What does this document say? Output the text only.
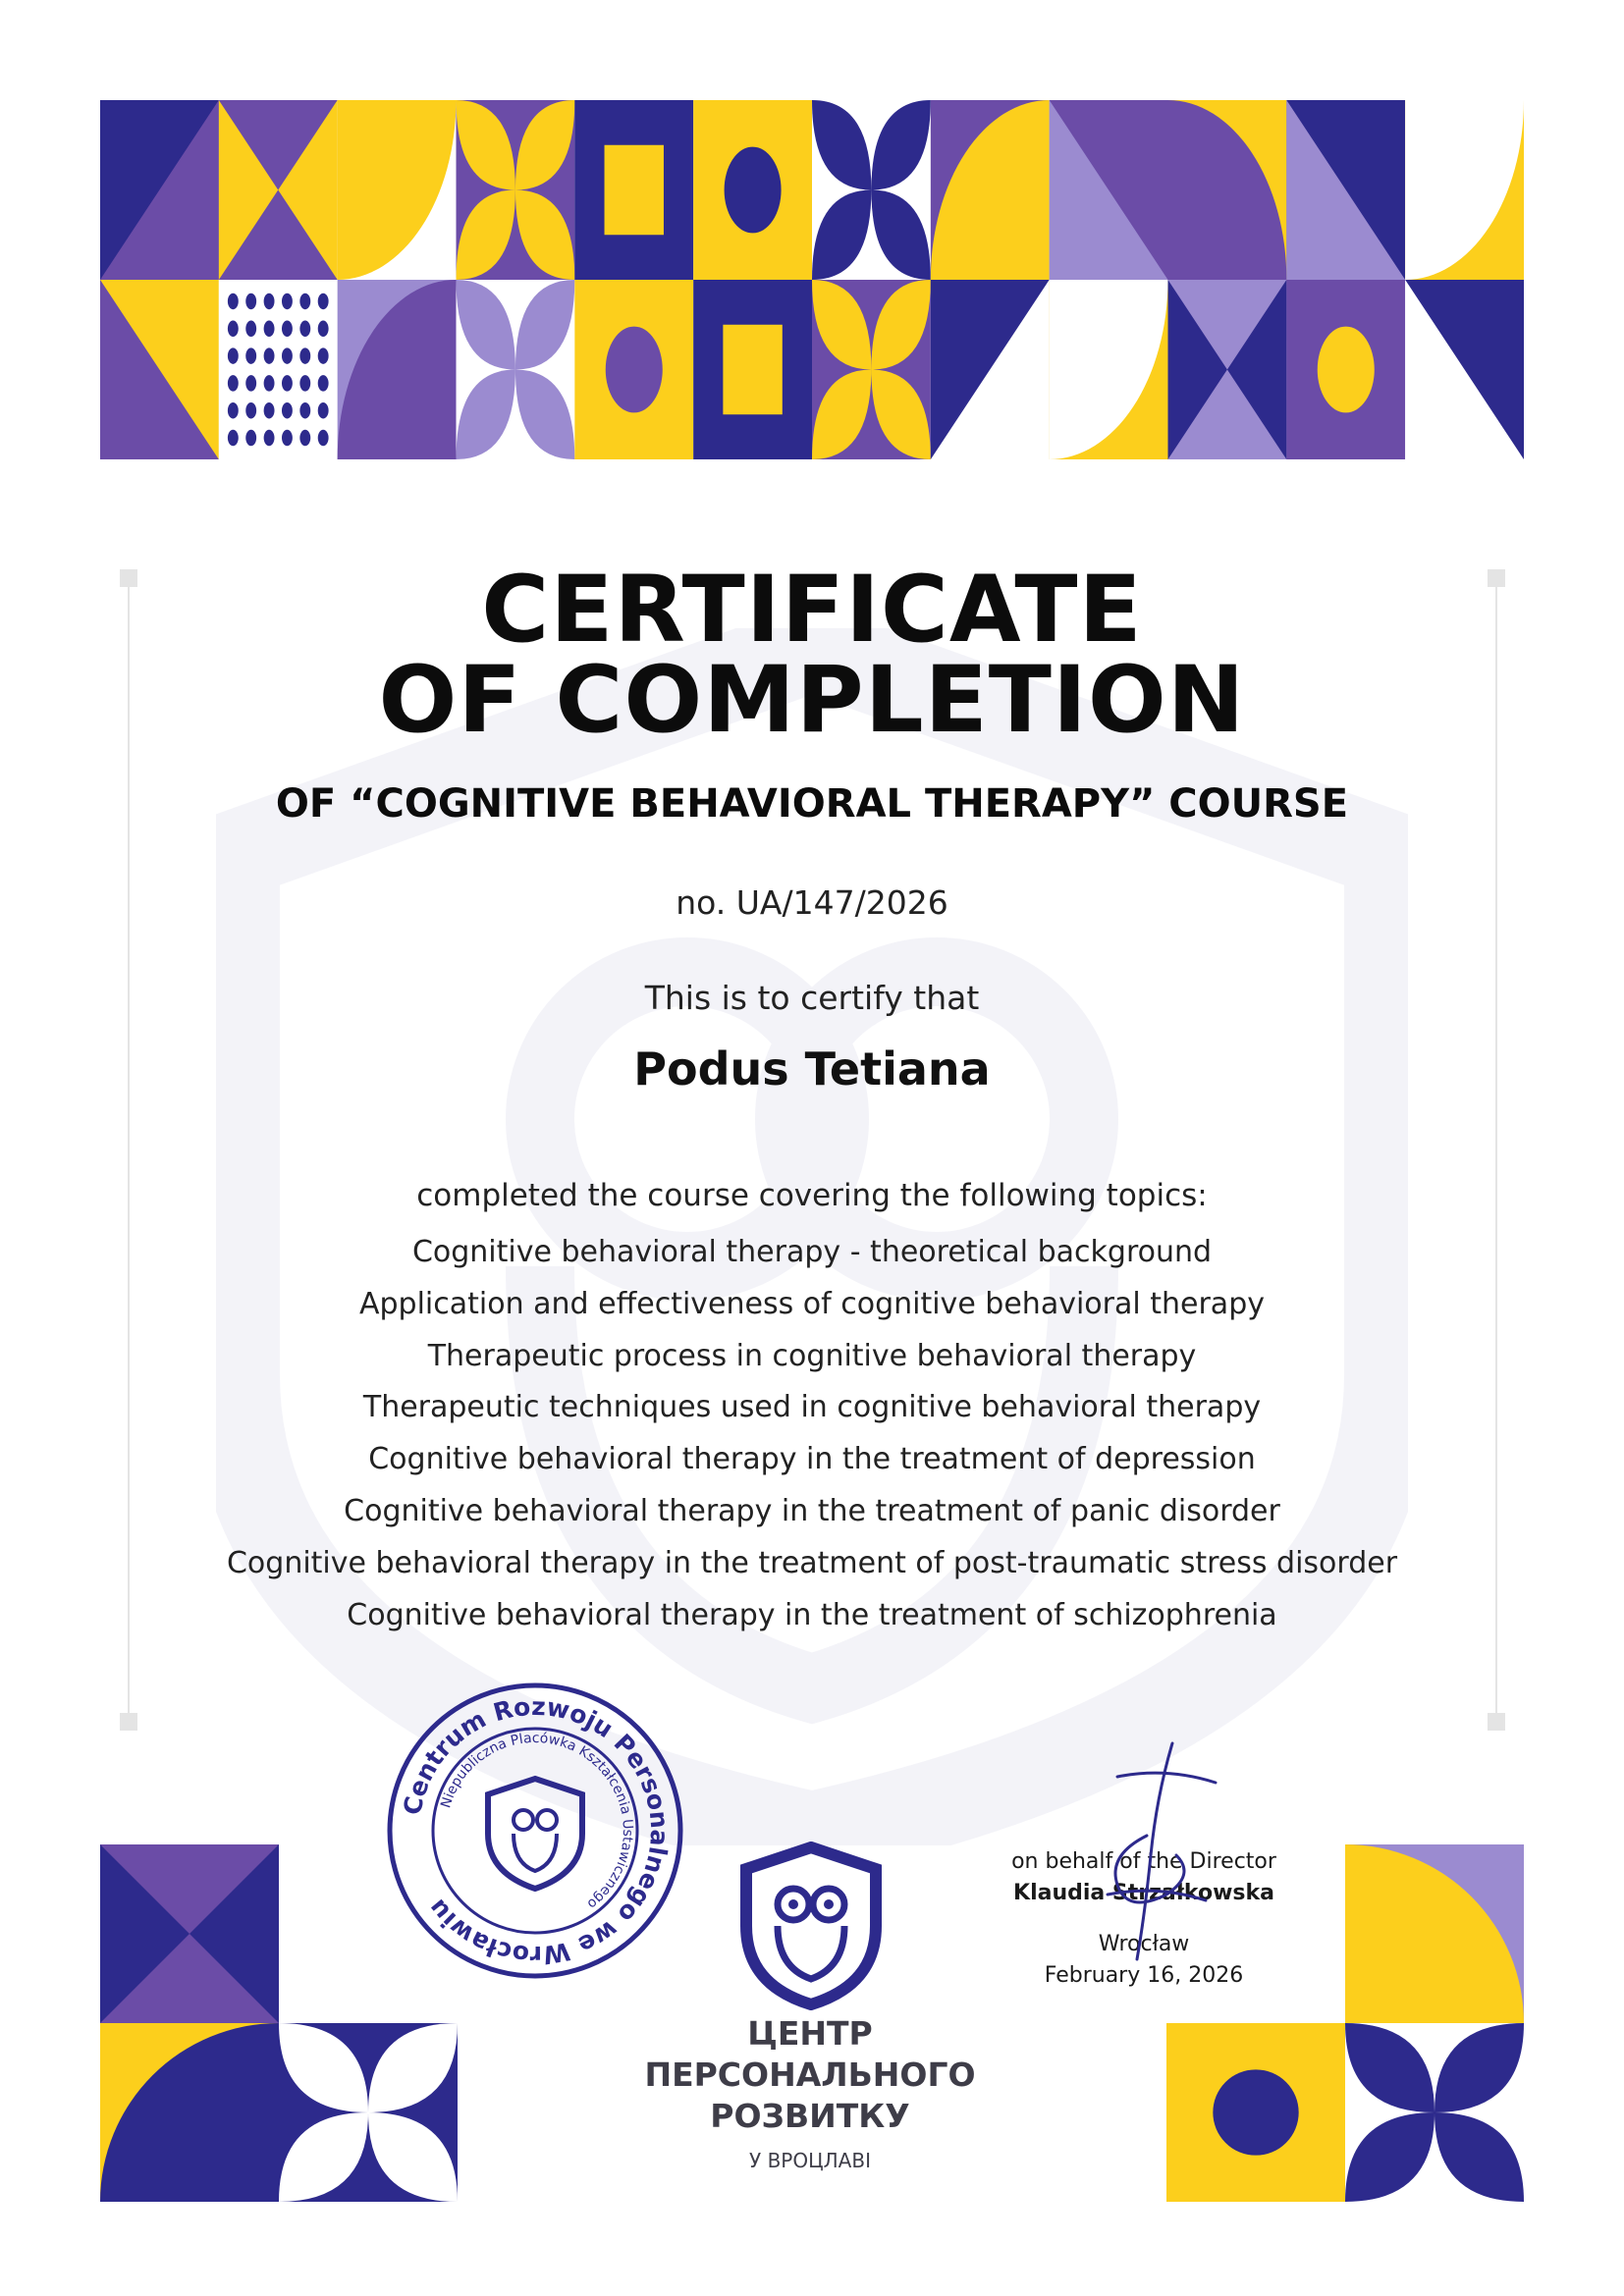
CERTIFICATE
OF COMPLETION
OF “COGNITIVE BEHAVIORAL THERAPY” COURSE
no. UA/147/2026
This is to certify that
Podus Tetiana
completed the course covering the following topics:
Cognitive behavioral therapy - theoretical background
Application and effectiveness of cognitive behavioral therapy
Therapeutic process in cognitive behavioral therapy
Therapeutic techniques used in cognitive behavioral therapy
Cognitive behavioral therapy in the treatment of depression
Cognitive behavioral therapy in the treatment of panic disorder
Cognitive behavioral therapy in the treatment of post-traumatic stress disorder
Cognitive behavioral therapy in the treatment of schizophrenia
Centrum Rozwoju Personalnego we Wrocławiu
Niepubliczna Placówka Kształcenia Ustawicznego
ЦЕНТР
ПЕРСОНАЛЬНОГО
РОЗВИТКУ
У ВРОЦЛАВІ
on behalf of the Director
Klaudia Strzałkowska
Wrocław
February 16, 2026
